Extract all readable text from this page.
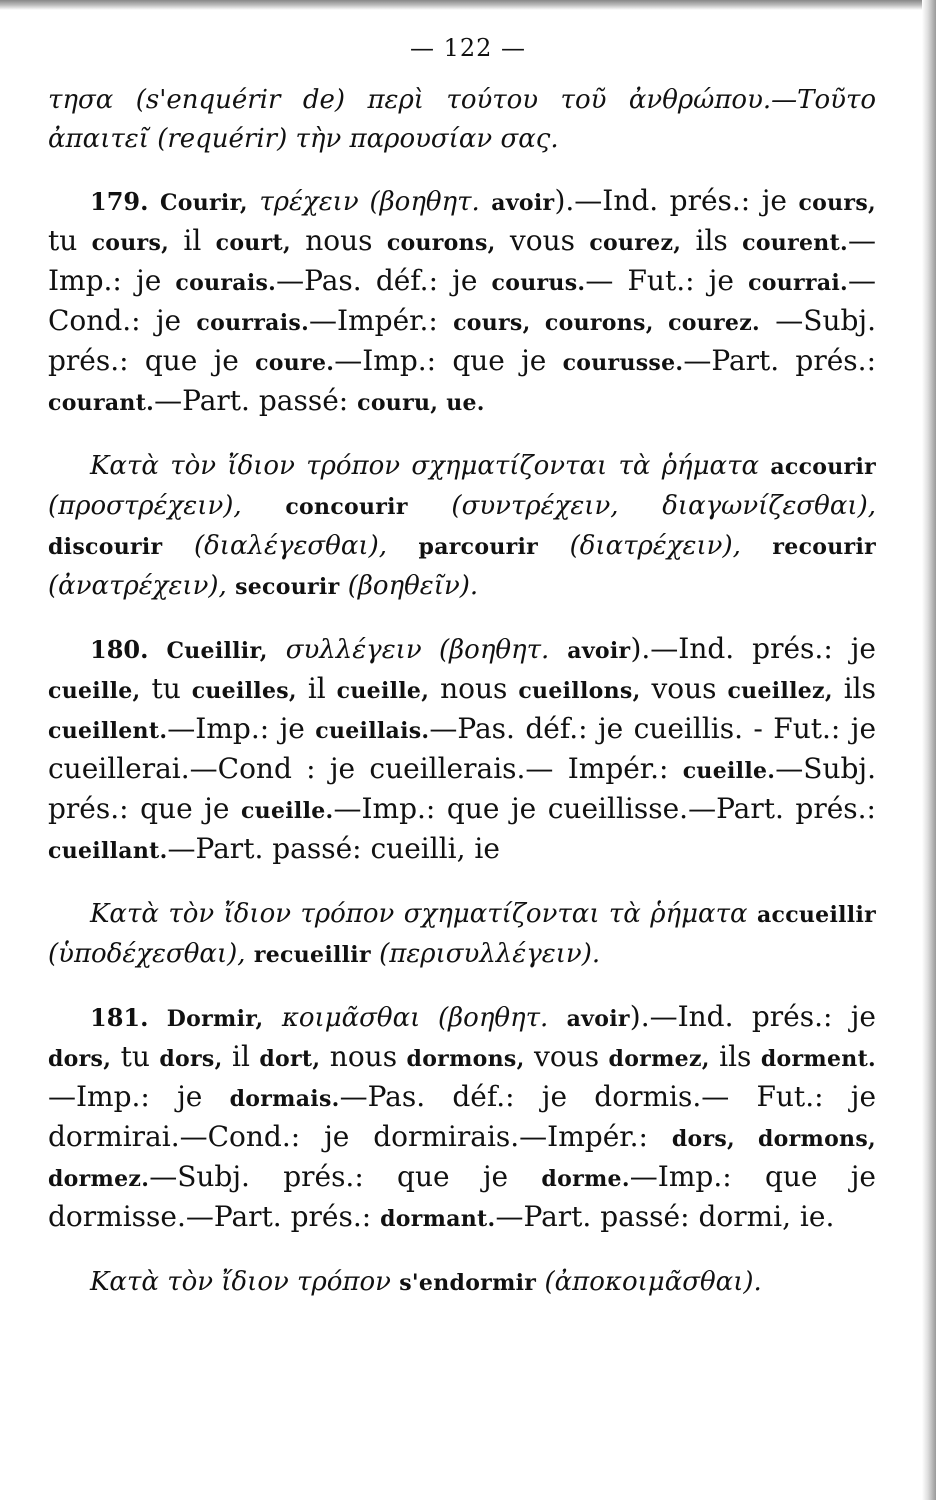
— 122 —

τησα (s'enquérir de) περὶ τούτου τοῦ ἀνθρώπου.—Τοῦτο ἀπαιτεῖ (requérir) τὴν παρουσίαν σας.

179. Courir, τρέχειν (βοηθητ. avoir).—Ind. prés.: je cours, tu cours, il court, nous courons, vous courez, ils courent.—Imp.: je courais.—Pas. déf.: je courus.— Fut.: je courrai.—Cond.: je courrais.—Impér.: cours, courons, courez. —Subj. prés.: que je coure.—Imp.: que je courusse.—Part. prés.: courant.—Part. passé: couru, ue.

Κατὰ τὸν ἴδιον τρόπον σχηματίζονται τὰ ῥήματα accourir (προστρέχειν), concourir (συντρέχειν, διαγωνίζεσθαι), discourir (διαλέγεσθαι), parcourir (διατρέχειν), recourir (ἀνατρέχειν), secourir (βοηθεῖν).

180. Cueillir, συλλέγειν (βοηθητ. avoir).—Ind. prés.: je cueille, tu cueilles, il cueille, nous cueillons, vous cueillez, ils cueillent.—Imp.: je cueillais.—Pas. déf.: je cueillis. - Fut.: je cueillerai.—Cond : je cueillerais.— Impér.: cueille.—Subj. prés.: que je cueille.—Imp.: que je cueillisse.—Part. prés.: cueillant.—Part. passé: cueilli, ie

Κατὰ τὸν ἴδιον τρόπον σχηματίζονται τὰ ῥήματα accueillir (ὑποδέχεσθαι), recueillir (περισυλλέγειν).

181. Dormir, κοιμᾶσθαι (βοηθητ. avoir).—Ind. prés.: je dors, tu dors, il dort, nous dormons, vous dormez, ils dorment.—Imp.: je dormais.—Pas. déf.: je dormis.— Fut.: je dormirai.—Cond.: je dormirais.—Impér.: dors, dormons, dormez.—Subj. prés.: que je dorme.—Imp.: que je dormisse.—Part. prés.: dormant.—Part. passé: dormi, ie.

Κατὰ τὸν ἴδιον τρόπον s'endormir (ἀποκοιμᾶσθαι).
